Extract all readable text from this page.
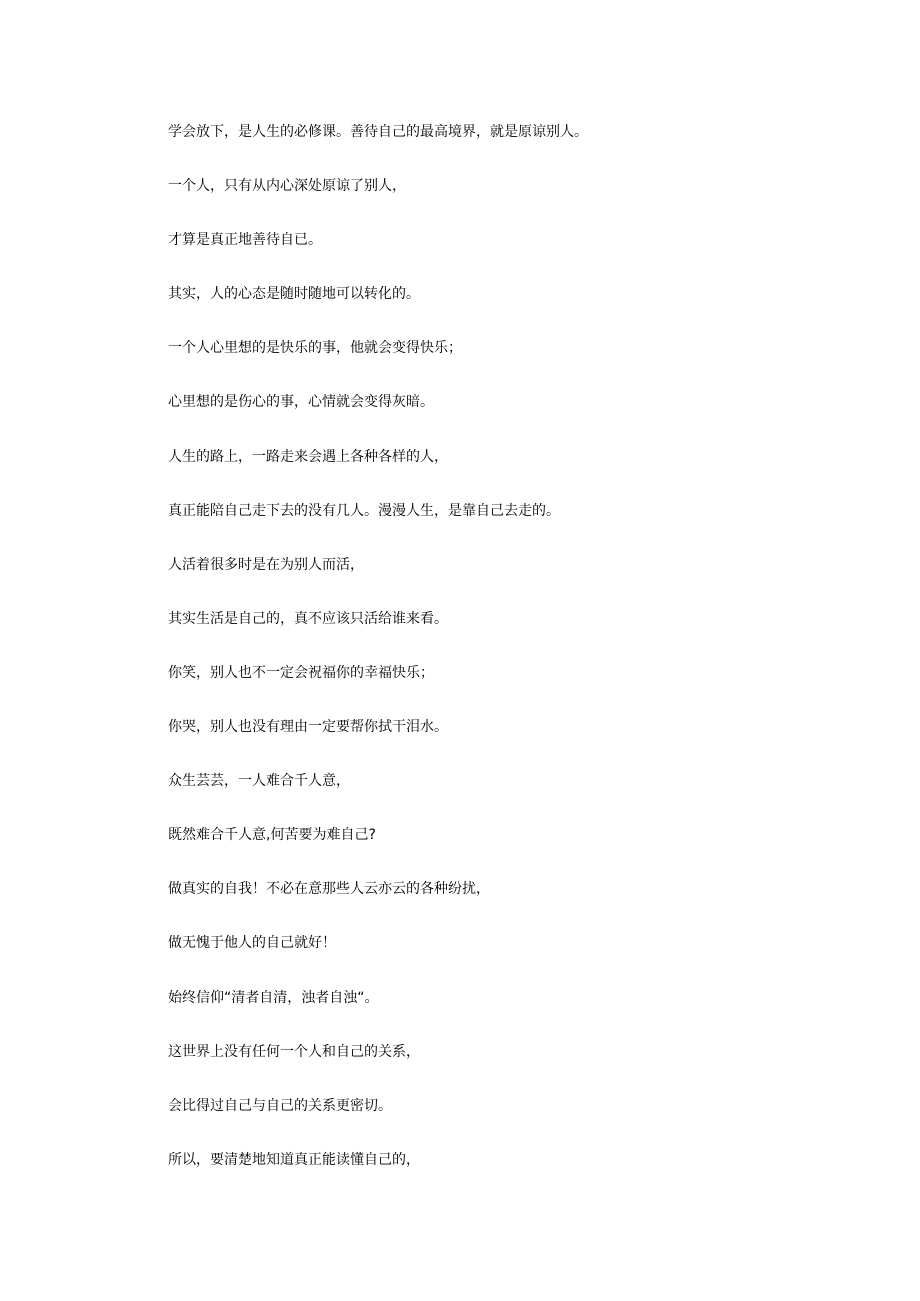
学会放下，是人生的必修课。善待自己的最高境界，就是原谅别人。
一个人，只有从内心深处原谅了别人，
才算是真正地善待自已。
其实，人的心态是随时随地可以转化的。
一个人心里想的是快乐的事，他就会变得快乐；
心里想的是伤心的事，心情就会变得灰暗。
人生的路上，一路走来会遇上各种各样的人，
真正能陪自己走下去的没有几人。漫漫人生，是靠自己去走的。
人活着很多时是在为别人而活，
其实生活是自己的，真不应该只活给谁来看。
你笑，别人也不一定会祝福你的幸福快乐；
你哭，别人也没有理由一定要帮你拭干泪水。
众生芸芸，一人难合千人意，
既然难合千人意,何苦要为难自己?
做真实的自我！不必在意那些人云亦云的各种纷扰，
做无愧于他人的自己就好！
始终信仰“清者自清，浊者自浊“。
这世界上没有任何一个人和自己的关系，
会比得过自己与自己的关系更密切。
所以，要清楚地知道真正能读懂自己的，
